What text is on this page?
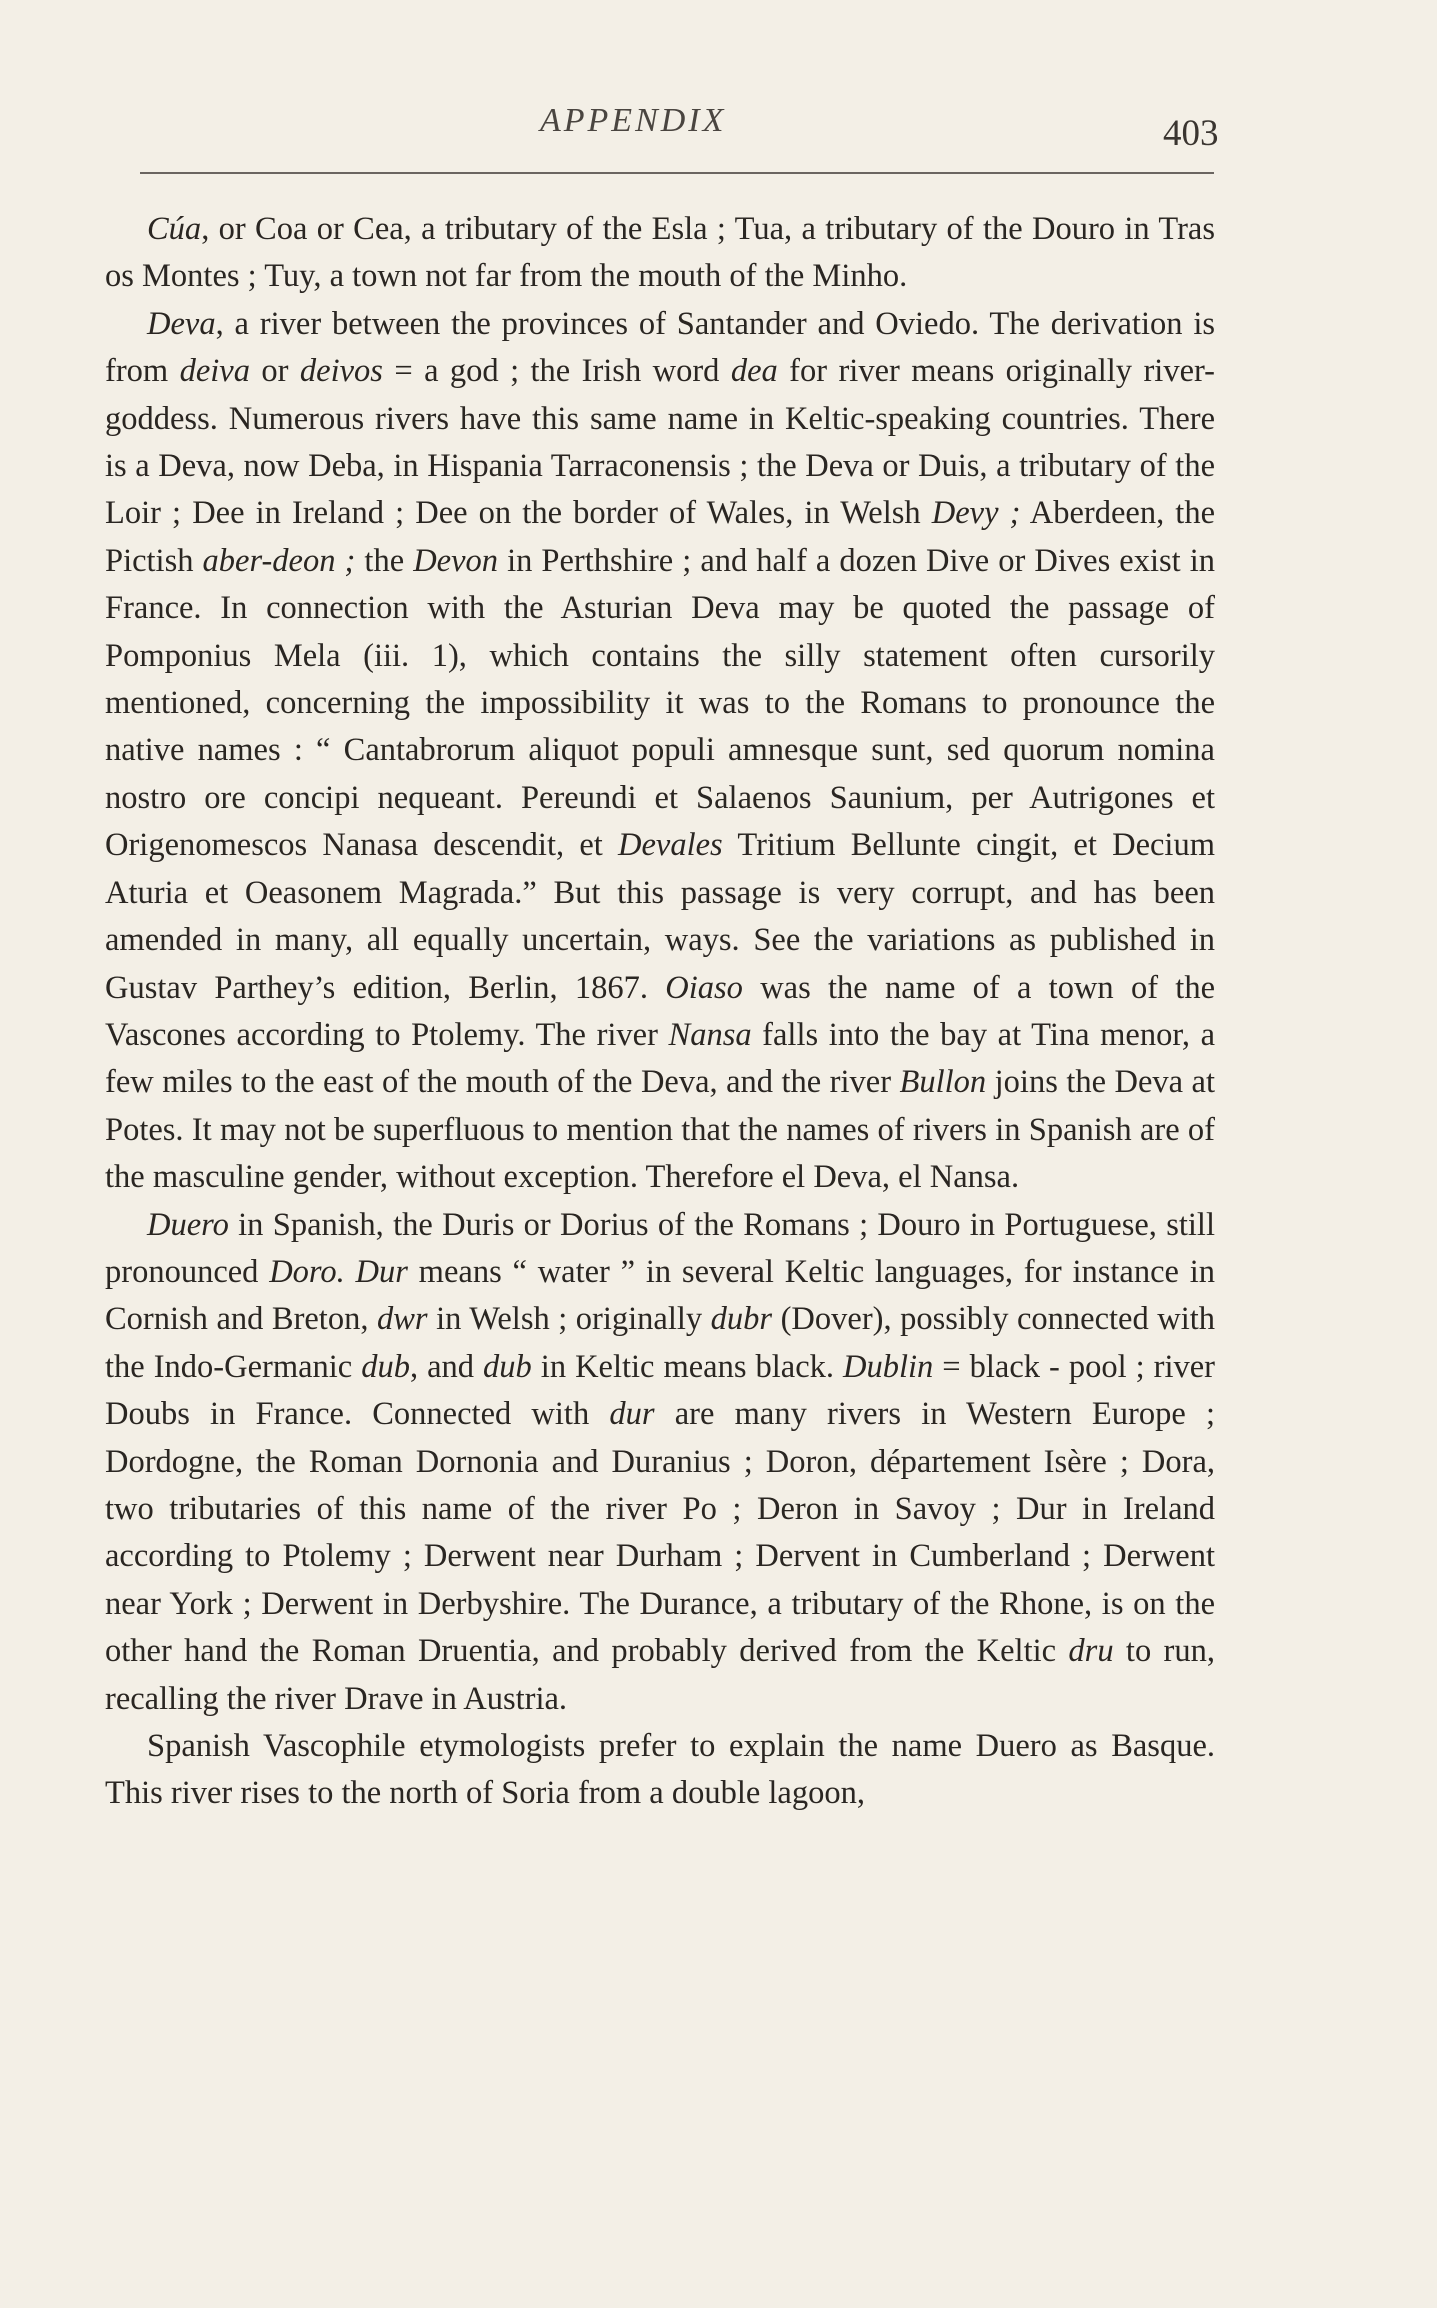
APPENDIX	403

Cúa, or Coa or Cea, a tributary of the Esla ; Tua, a tributary of the Douro in Tras os Montes ; Tuy, a town not far from the mouth of the Minho.

Deva, a river between the provinces of Santander and Oviedo. The derivation is from deiva or deivos = a god ; the Irish word dea for river means originally river-goddess. Numerous rivers have this same name in Keltic-speaking countries. There is a Deva, now Deba, in Hispania Tarraconensis ; the Deva or Duis, a tributary of the Loir ; Dee in Ireland ; Dee on the border of Wales, in Welsh Devy ; Aberdeen, the Pictish aber-deon ; the Devon in Perthshire ; and half a dozen Dive or Dives exist in France. In connection with the Asturian Deva may be quoted the passage of Pomponius Mela (iii. 1), which contains the silly statement often cursorily mentioned, concerning the impossibility it was to the Romans to pronounce the native names : “ Cantabrorum aliquot populi amnesque sunt, sed quorum nomina nostro ore concipi nequeant. Pereundi et Salaenos Saunium, per Autrigones et Origenomescos Nanasa descendit, et Devales Tritium Bellunte cingit, et Decium Aturia et Oeasonem Magrada.” But this passage is very corrupt, and has been amended in many, all equally uncertain, ways. See the variations as published in Gustav Parthey’s edition, Berlin, 1867. Oiaso was the name of a town of the Vascones according to Ptolemy. The river Nansa falls into the bay at Tina menor, a few miles to the east of the mouth of the Deva, and the river Bullon joins the Deva at Potes. It may not be superfluous to mention that the names of rivers in Spanish are of the masculine gender, without exception. Therefore el Deva, el Nansa.

Duero in Spanish, the Duris or Dorius of the Romans ; Douro in Portuguese, still pronounced Doro. Dur means “ water ” in several Keltic languages, for instance in Cornish and Breton, dwr in Welsh ; originally dubr (Dover), possibly connected with the Indo-Germanic dub, and dub in Keltic means black. Dublin = black - pool ; river Doubs in France. Connected with dur are many rivers in Western Europe ; Dordogne, the Roman Dornonia and Duranius ; Doron, département Isère ; Dora, two tributaries of this name of the river Po ; Deron in Savoy ; Dur in Ireland according to Ptolemy ; Derwent near Durham ; Dervent in Cumberland ; Derwent near York ; Derwent in Derbyshire. The Durance, a tributary of the Rhone, is on the other hand the Roman Druentia, and probably derived from the Keltic dru to run, recalling the river Drave in Austria.

Spanish Vascophile etymologists prefer to explain the name Duero as Basque. This river rises to the north of Soria from a double lagoon,
